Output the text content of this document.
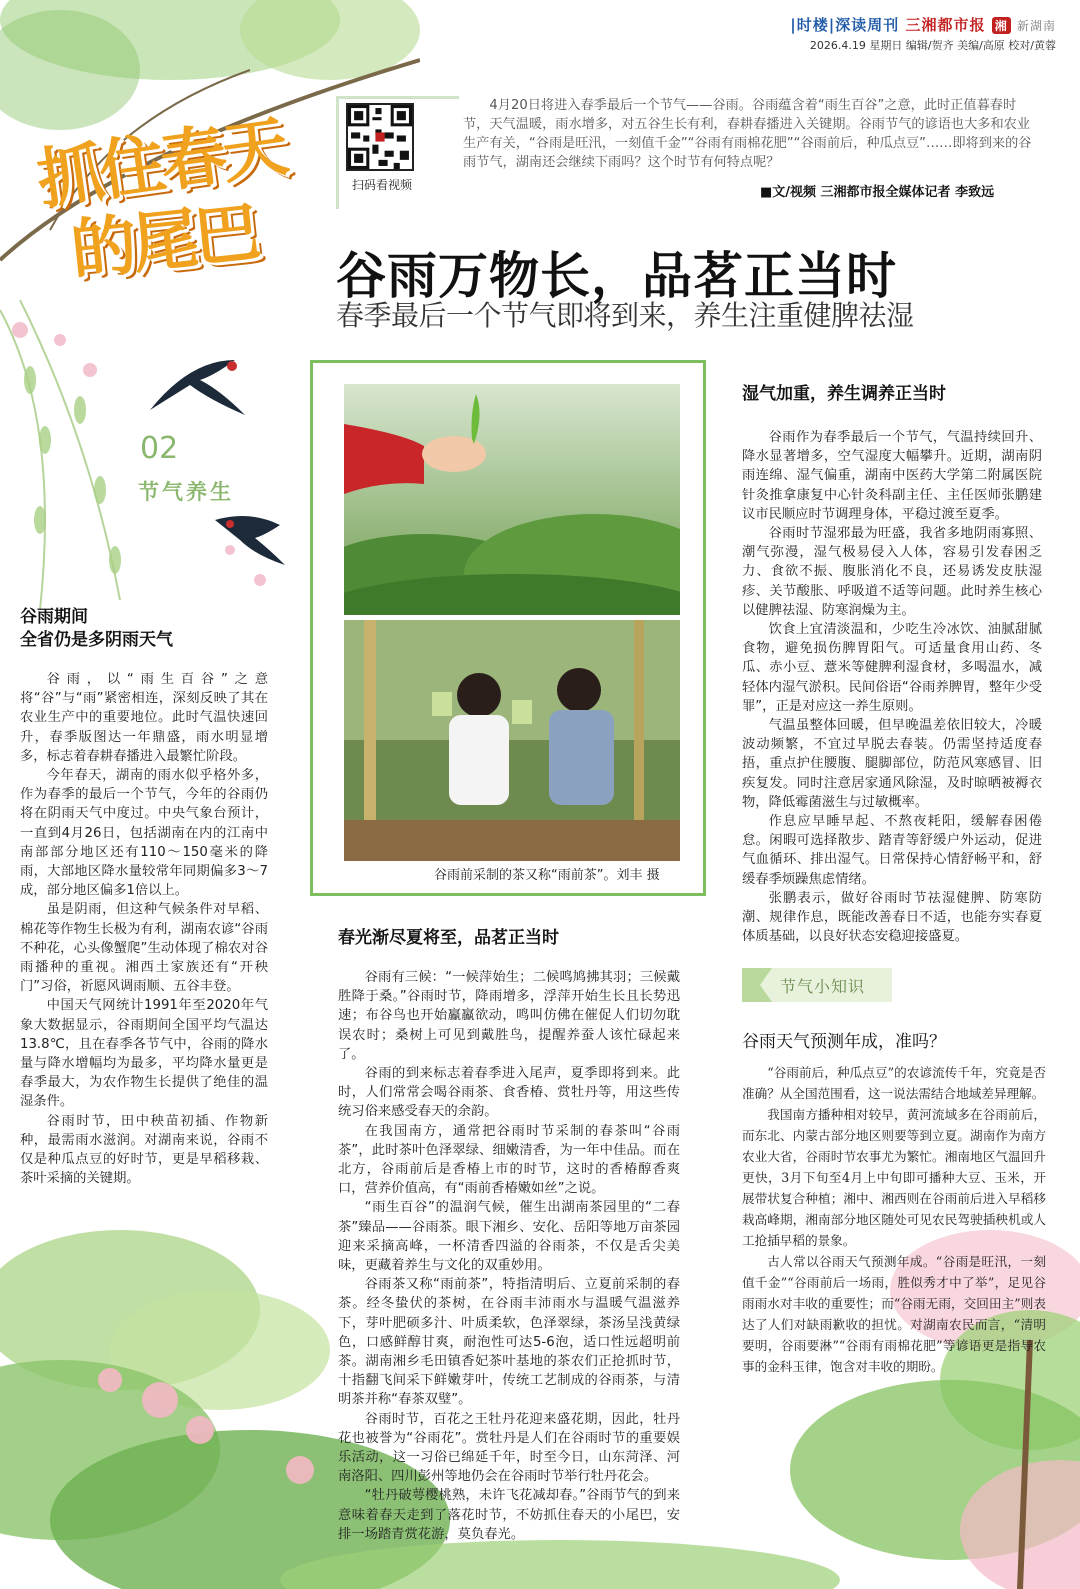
|时楼|深读周刊 三湘都市报 湘 新湖南
2026.4.19 星期日 编辑/贺齐 美编/高原 校对/黄蓉
抓住春天
的尾巴
扫码看视频
4月20日将进入春季最后一个节气——谷雨。谷雨蕴含着“雨生百谷”之意，此时正值暮春时节，天气温暖，雨水增多，对五谷生长有利，春耕春播进入关键期。谷雨节气的谚语也大多和农业生产有关，“谷雨是旺汛，一刻值千金”“谷雨有雨棉花肥”“谷雨前后，种瓜点豆”……即将到来的谷雨节气，湖南还会继续下雨吗？这个时节有何特点呢？
■文/视频 三湘都市报全媒体记者 李致远
谷雨万物长，品茗正当时
春季最后一个节气即将到来，养生注重健脾祛湿
02
节气养生
谷雨前采制的茶又称“雨前茶”。刘丰 摄
谷雨期间
全省仍是多阴雨天气

谷雨，以“雨生百谷”之意将“谷”与“雨”紧密相连，深刻反映了其在农业生产中的重要地位。此时气温快速回升，春季版图达一年鼎盛，雨水明显增多，标志着春耕春播进入最繁忙阶段。

今年春天，湖南的雨水似乎格外多，作为春季的最后一个节气，今年的谷雨仍将在阴雨天气中度过。中央气象台预计，一直到4月26日，包括湖南在内的江南中南部部分地区还有110～150毫米的降雨，大部地区降水量较常年同期偏多3～7成，部分地区偏多1倍以上。

虽是阴雨，但这种气候条件对早稻、棉花等作物生长极为有利，湖南农谚“谷雨不种花，心头像蟹爬”生动体现了棉农对谷雨播种的重视。湘西土家族还有“开秧门”习俗，祈愿风调雨顺、五谷丰登。

中国天气网统计1991年至2020年气象大数据显示，谷雨期间全国平均气温达13.8℃，且在春季各节气中，谷雨的降水量与降水增幅均为最多，平均降水量更是春季最大，为农作物生长提供了绝佳的温湿条件。

谷雨时节，田中秧苗初插、作物新种，最需雨水滋润。对湖南来说，谷雨不仅是种瓜点豆的好时节，更是早稻移栽、茶叶采摘的关键期。

春光渐尽夏将至，品茗正当时

谷雨有三候：“一候萍始生；二候鸣鸠拂其羽；三候戴胜降于桑。”谷雨时节，降雨增多，浮萍开始生长且长势迅速；布谷鸟也开始鸁鸁欲动，鸣叫仿佛在催促人们切勿耽误农时；桑树上可见到戴胜鸟，提醒养蚕人该忙碌起来了。

谷雨的到来标志着春季进入尾声，夏季即将到来。此时，人们常常会喝谷雨茶、食香椿、赏牡丹等，用这些传统习俗来感受春天的余韵。

在我国南方，通常把谷雨时节采制的春茶叫“谷雨茶”，此时茶叶色泽翠绿、细嫩清香，为一年中佳品。而在北方，谷雨前后是香椿上市的时节，这时的香椿醇香爽口，营养价值高，有“雨前香椿嫩如丝”之说。

“雨生百谷”的温润气候，催生出湖南茶园里的“二春茶”臻品——谷雨茶。眼下湘乡、安化、岳阳等地万亩茶园迎来采摘高峰，一杯清香四溢的谷雨茶，不仅是舌尖美味，更藏着养生与文化的双重妙用。

谷雨茶又称“雨前茶”，特指清明后、立夏前采制的春茶。经冬蛰伏的茶树，在谷雨丰沛雨水与温暖气温滋养下，芽叶肥硕多汁、叶质柔软，色泽翠绿，茶汤呈浅黄绿色，口感鲜醇甘爽，耐泡性可达5-6泡，适口性远超明前茶。湖南湘乡毛田镇香妃茶叶基地的茶农们正抢抓时节，十指翻飞间采下鲜嫩芽叶，传统工艺制成的谷雨茶，与清明茶并称“春茶双璧”。

谷雨时节，百花之王牡丹花迎来盛花期，因此，牡丹花也被誉为“谷雨花”。赏牡丹是人们在谷雨时节的重要娱乐活动，这一习俗已绵延千年，时至今日，山东菏泽、河南洛阳、四川彭州等地仍会在谷雨时节举行牡丹花会。

“牡丹破萼樱桃熟，未许飞花减却春。”谷雨节气的到来意味着春天走到了落花时节，不妨抓住春天的小尾巴，安排一场踏青赏花游，莫负春光。

湿气加重，养生调养正当时

谷雨作为春季最后一个节气，气温持续回升、降水显著增多，空气湿度大幅攀升。近期，湖南阴雨连绵、湿气偏重，湖南中医药大学第二附属医院针灸推拿康复中心针灸科副主任、主任医师张鹏建议市民顺应时节调理身体，平稳过渡至夏季。

谷雨时节湿邪最为旺盛，我省多地阴雨寡照、潮气弥漫，湿气极易侵入人体，容易引发春困乏力、食欲不振、腹胀消化不良，还易诱发皮肤湿疹、关节酸胀、呼吸道不适等问题。此时养生核心以健脾祛湿、防寒润燥为主。

饮食上宜清淡温和，少吃生冷冰饮、油腻甜腻食物，避免损伤脾胃阳气。可适量食用山药、冬瓜、赤小豆、薏米等健脾利湿食材，多喝温水，减轻体内湿气淤积。民间俗语“谷雨养脾胃，整年少受罪”，正是对应这一养生原则。

气温虽整体回暖，但早晚温差依旧较大，冷暖波动频繁，不宜过早脱去春装。仍需坚持适度春捂，重点护住腰腹、腿脚部位，防范风寒感冒、旧疾复发。同时注意居家通风除湿，及时晾晒被褥衣物，降低霉菌滋生与过敏概率。

作息应早睡早起、不熬夜耗阳，缓解春困倦怠。闲暇可选择散步、踏青等舒缓户外运动，促进气血循环、排出湿气。日常保持心情舒畅平和，舒缓春季烦躁焦虑情绪。

张鹏表示，做好谷雨时节祛湿健脾、防寒防潮、规律作息，既能改善春日不适，也能夯实春夏体质基础，以良好状态安稳迎接盛夏。

节气小知识
谷雨天气预测年成，准吗？

“谷雨前后，种瓜点豆”的农谚流传千年，究竟是否准确？从全国范围看，这一说法需结合地域差异理解。

我国南方播种相对较早，黄河流域多在谷雨前后，而东北、内蒙古部分地区则要等到立夏。湖南作为南方农业大省，谷雨时节农事尤为繁忙。湘南地区气温回升更快，3月下旬至4月上中旬即可播种大豆、玉米，开展带状复合种植；湘中、湘西则在谷雨前后进入早稻移栽高峰期，湘南部分地区随处可见农民驾驶插秧机或人工抢插早稻的景象。

古人常以谷雨天气预测年成。“谷雨是旺汛，一刻值千金”“谷雨前后一场雨，胜似秀才中了举”，足见谷雨雨水对丰收的重要性；而“谷雨无雨，交回田主”则表达了人们对缺雨歉收的担忧。对湖南农民而言，“清明要明，谷雨要淋”“谷雨有雨棉花肥”等谚语更是指导农事的金科玉律，饱含对丰收的期盼。
